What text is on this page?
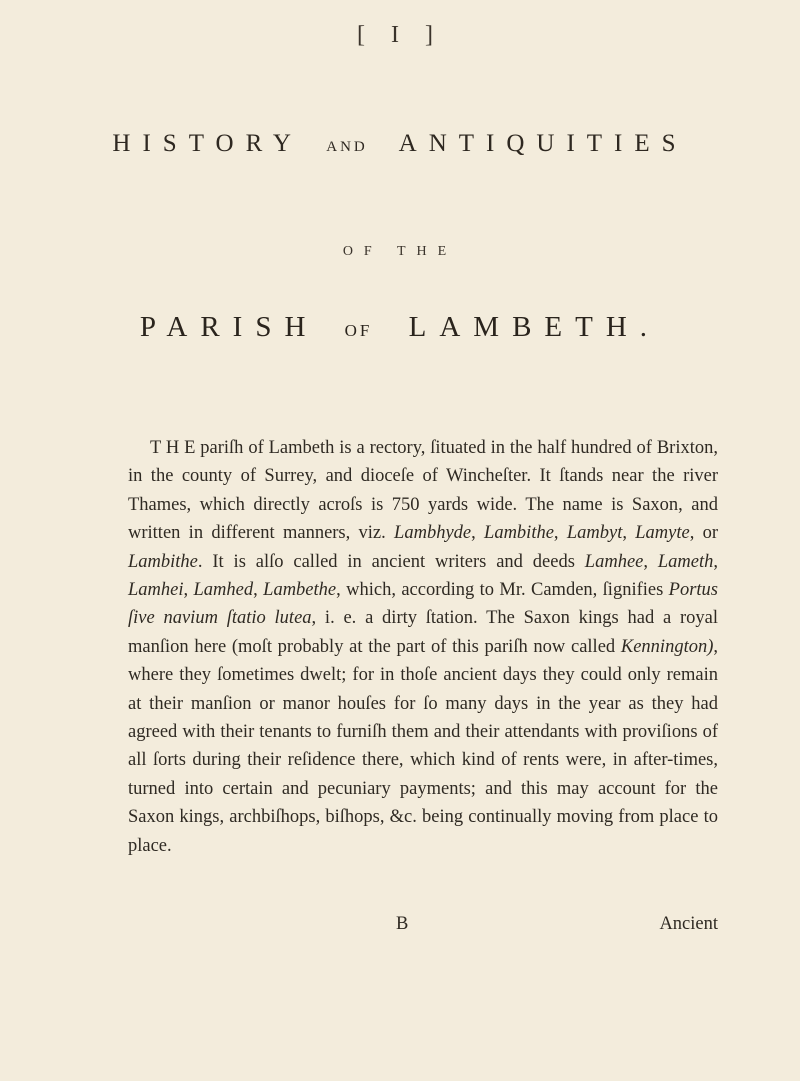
[ I ]
HISTORY AND ANTIQUITIES
OF THE
PARISH OF LAMBETH.

T H E pariſh of Lambeth is a rectory, ſituated in the half hundred of Brixton, in the county of Surrey, and dioceſe of Wincheſter. It ſtands near the river Thames, which directly acroſs is 750 yards wide. The name is Saxon, and written in different manners, viz. Lambhyde, Lambithe, Lambyt, Lamyte, or Lambithe. It is alſo called in ancient writers and deeds Lamhee, Lameth, Lamhei, Lamhed, Lambethe, which, according to Mr. Camden, ſignifies Portus ſive navium ſtatio lutea, i. e. a dirty ſtation. The Saxon kings had a royal manſion here (moſt probably at the part of this pariſh now called Kennington), where they ſometimes dwelt; for in thoſe ancient days they could only remain at their manſion or manor houſes for ſo many days in the year as they had agreed with their tenants to furniſh them and their attendants with proviſions of all ſorts during their reſidence there, which kind of rents were, in after-times, turned into certain and pecuniary payments; and this may account for the Saxon kings, archbiſhops, biſhops, &c. being continually moving from place to place.

B	Ancient
